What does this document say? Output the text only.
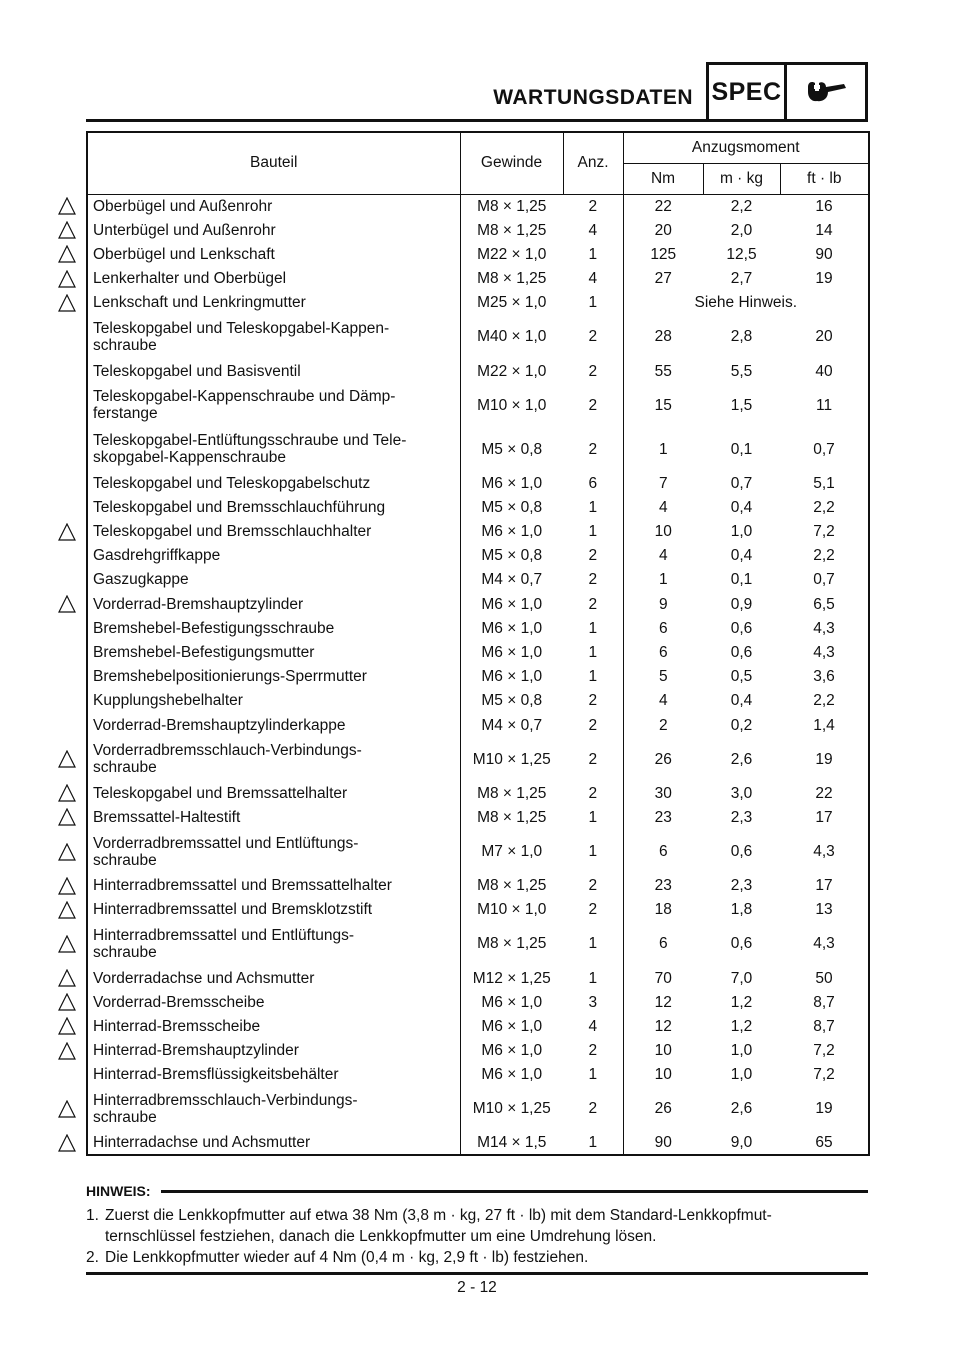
WARTUNGSDATEN SPEC
Bauteil	Gewinde	Anz.	Anzugsmoment		
			Nm	m · kg	ft · lb
Oberbügel und Außenrohr	M8 × 1,25	2	22	2,2	16
Unterbügel und Außenrohr	M8 × 1,25	4	20	2,0	14
Oberbügel und Lenkschaft	M22 × 1,0	1	125	12,5	90
Lenkerhalter und Oberbügel	M8 × 1,25	4	27	2,7	19
Lenkschaft und Lenkringmutter	M25 × 1,0	1	Siehe Hinweis.		
Teleskopgabel und Teleskopgabel-Kappen-
schraube	M40 × 1,0	2	28	2,8	20
Teleskopgabel und Basisventil	M22 × 1,0	2	55	5,5	40
Teleskopgabel-Kappenschraube und Dämp-
ferstange	M10 × 1,0	2	15	1,5	11
Teleskopgabel-Entlüftungsschraube und Tele-
skopgabel-Kappenschraube	M5 × 0,8	2	1	0,1	0,7
Teleskopgabel und Teleskopgabelschutz	M6 × 1,0	6	7	0,7	5,1
Teleskopgabel und Bremsschlauchführung	M5 × 0,8	1	4	0,4	2,2
Teleskopgabel und Bremsschlauchhalter	M6 × 1,0	1	10	1,0	7,2
Gasdrehgriffkappe	M5 × 0,8	2	4	0,4	2,2
Gaszugkappe	M4 × 0,7	2	1	0,1	0,7
Vorderrad-Bremshauptzylinder	M6 × 1,0	2	9	0,9	6,5
Bremshebel-Befestigungsschraube	M6 × 1,0	1	6	0,6	4,3
Bremshebel-Befestigungsmutter	M6 × 1,0	1	6	0,6	4,3
Bremshebelpositionierungs-Sperrmutter	M6 × 1,0	1	5	0,5	3,6
Kupplungshebelhalter	M5 × 0,8	2	4	0,4	2,2
Vorderrad-Bremshauptzylinderkappe	M4 × 0,7	2	2	0,2	1,4
Vorderradbremsschlauch-Verbindungs-
schraube	M10 × 1,25	2	26	2,6	19
Teleskopgabel und Bremssattelhalter	M8 × 1,25	2	30	3,0	22
Bremssattel-Haltestift	M8 × 1,25	1	23	2,3	17
Vorderradbremssattel und Entlüftungs-
schraube	M7 × 1,0	1	6	0,6	4,3
Hinterradbremssattel und Bremssattelhalter	M8 × 1,25	2	23	2,3	17
Hinterradbremssattel und Bremsklotzstift	M10 × 1,0	2	18	1,8	13
Hinterradbremssattel und Entlüftungs-
schraube	M8 × 1,25	1	6	0,6	4,3
Vorderradachse und Achsmutter	M12 × 1,25	1	70	7,0	50
Vorderrad-Bremsscheibe	M6 × 1,0	3	12	1,2	8,7
Hinterrad-Bremsscheibe	M6 × 1,0	4	12	1,2	8,7
Hinterrad-Bremshauptzylinder	M6 × 1,0	2	10	1,0	7,2
Hinterrad-Bremsflüssigkeitsbehälter	M6 × 1,0	1	10	1,0	7,2
Hinterradbremsschlauch-Verbindungs-
schraube	M10 × 1,25	2	26	2,6	19
Hinterradachse und Achsmutter	M14 × 1,5	1	90	9,0	65
HINWEIS:
1. Zuerst die Lenkkopfmutter auf etwa 38 Nm (3,8 m · kg, 27 ft · lb) mit dem Standard-Lenkkopfmut-
ternschlüssel festziehen, danach die Lenkkopfmutter um eine Umdrehung lösen.
2. Die Lenkkopfmutter wieder auf 4 Nm (0,4 m · kg, 2,9 ft · lb) festziehen.
2 - 12
